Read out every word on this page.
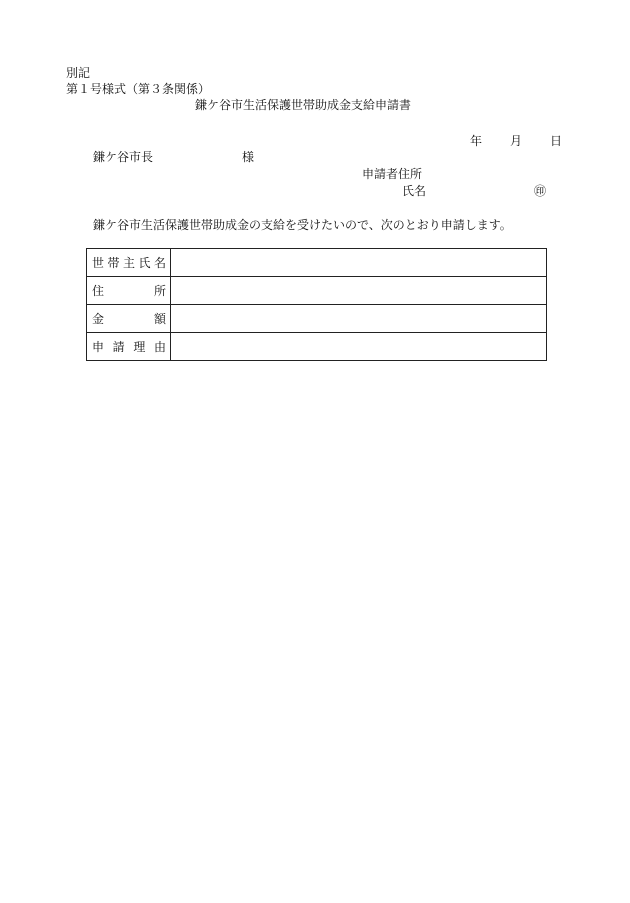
別記
第１号様式（第３条関係）
鎌ケ谷市生活保護世帯助成金支給申請書
年 月 日
鎌ケ谷市長	様
申請者住所
氏名	㊞
鎌ケ谷市生活保護世帯助成金の支給を受けたいので、次のとおり申請します。
世 帯 主 氏 名	

住 所	

金 額	

申 請 理 由	
